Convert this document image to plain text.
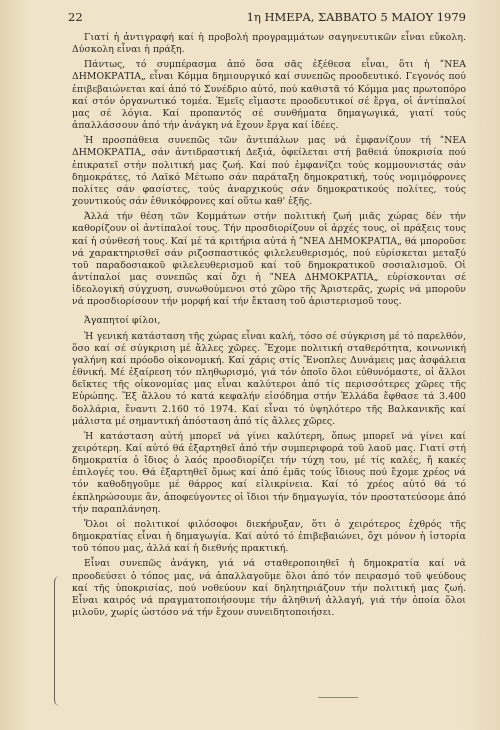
22	1η ΗΜΕΡΑ, ΣΑΒΒΑΤΟ 5 ΜΑΙΟΥ 1979

Γιατί ἡ ἀντιγραφή καί ἡ προβολή προγραμμάτων σαγηνευτικῶν εἶναι εὔκολη. Δύσκολη εἶναι ἡ πράξη.

Πάντως, τό συμπέρασμα ἀπό ὅσα σᾶς ἐξέθεσα εἶναι, ὅτι ἡ ʺΝΕΑ ΔΗΜΟΚΡΑΤΙΑ„ εἶναι Κόμμα δημιουργικό καί συνεπῶς προοδευτικό. Γεγονός πού ἐπιβεβαιώνεται καί ἀπό τό Συνέδριο αὐτό, πού καθιστᾶ τό Κόμμα μας πρωτοπόρο καί στόν ὀργανωτικό τομέα. Ἐμεῖς εἴμαστε προοδευτικοί σέ ἔργα, οἱ ἀντίπαλοί μας σέ λόγια. Καί προπαντός σέ συνθήματα δημαγωγικά, γιατί τούς ἀπαλλάσσουν ἀπό τήν ἀνάγκη νά ἔχουν ἔργα καί ἰδέες.

Ἡ προσπάθεια συνεπῶς τῶν ἀντιπάλων μας νά ἐμφανίζουν τή ʺΝΕΑ ΔΗΜΟΚΡΑΤΙΑ„ σάν ἀντιδραστική Δεξιά, ὀφείλεται στή βαθειά ὑποκρισία πού ἐπικρατεῖ στήν πολιτική μας ζωή. Καί πού ἐμφανίζει τούς κομμουνιστάς σάν δημοκράτες, τό Λαϊκό Μέτωπο σάν παράταξη δημοκρατική, τούς νομιμόφρονες πολίτες σάν φασίστες, τούς ἀναρχικούς σάν δημοκρατικούς πολίτες, τούς χουντικούς σάν ἐθνικόφρονες καί οὕτω καθ' ἑξῆς.

Ἀλλά τήν θέση τῶν Κομμάτων στήν πολιτική ζωή μιᾶς χώρας δέν τήν καθορίζουν οἱ ἀντίπαλοί τους. Τήν προσδιορίζουν οἱ ἀρχές τους, οἱ πράξεις τους καί ἡ σύνθεσή τους. Καί μέ τά κριτήρια αὐτά ἡ ʺΝΕΑ ΔΗΜΟΚΡΑΤΙΑ„ θά μποροῦσε νά χαρακτηρισθεῖ σάν ριζοσπαστικός φιλελευθερισμός, πού εὑρίσκεται μεταξύ τοῦ παραδοσιακοῦ φιλελευθερισμοῦ καί τοῦ δημοκρατικοῦ σοσιαλισμοῦ. Οἱ ἀντίπαλοί μας συνεπῶς καί ὄχι ἡ ʺΝΕΑ ΔΗΜΟΚΡΑΤΙΑ„ εὑρίσκονται σέ ἰδεολογική σύγχυση, συνωθούμενοι στό χῶρο τῆς Ἀριστερᾶς, χωρίς νά μποροῦν νά προσδιορίσουν τήν μορφή καί τήν ἔκταση τοῦ ἀριστερισμοῦ τους.

Ἀγαπητοί φίλοι,

Ἡ γενική κατάσταση τῆς χώρας εἶναι καλή, τόσο σέ σύγκριση μέ τό παρελθόν, ὅσο καί σέ σύγκριση μέ ἄλλες χῶρες. Ἔχομε πολιτική σταθερότητα, κοινωνική γαλήνη καί πρόοδο οἰκονομική. Καί χάρις στίς Ἔνοπλες Δυνάμεις μας ἀσφάλεια ἐθνική. Μέ ἐξαίρεση τόν πληθωρισμό, γιά τόν ὁποῖο ὅλοι εὐθυνόμαστε, οἱ ἄλλοι δεῖκτες τῆς οἰκονομίας μας εἶναι καλύτεροι ἀπό τίς περισσότερες χῶρες τῆς Εὐρώπης. Ἔξ ἄλλου τό κατά κεφαλήν εἰσόδημα στήν Ἑλλάδα ἔφθασε τά 3.400 δολλάρια, ἔναντι 2.160 τό 1974. Καί εἶναι τό ὑψηλότερο τῆς Βαλκανικῆς καί μάλιστα μέ σημαντική ἀπόσταση ἀπό τίς ἄλλες χῶρες.

Ἡ κατάσταση αὐτή μπορεῖ νά γίνει καλύτερη, ὅπως μπορεῖ νά γίνει καί χειρότερη. Καί αὐτό θά ἐξαρτηθεῖ ἀπό τήν συμπεριφορά τοῦ λαοῦ μας. Γιατί στή δημοκρατία ὁ ἴδιος ὁ λαός προσδιορίζει τήν τύχη του, μέ τίς καλές, ἤ κακές ἐπιλογές του. Θά ἐξαρτηθεῖ ὅμως καί ἀπό ἐμᾶς τούς ἴδιους πού ἔχομε χρέος νά τόν καθοδηγοῦμε μέ θάρρος καί εἰλικρίνεια. Καί τό χρέος αὐτό θά τό ἐκπληρώσουμε ἄν, ἀποφεύγοντες οἱ ἴδιοι τήν δημαγωγία, τόν προστατεύσομε ἀπό τήν παραπλάνηση.

Ὅλοι οἱ πολιτικοί φιλόσοφοι διεκήρυξαν, ὅτι ὁ χειρότερος ἐχθρός τῆς δημοκρατίας εἶναι ἡ δημαγωγία. Καί αὐτό τό ἐπιβεβαιώνει, ὄχι μόνον ἡ ἱστορία τοῦ τόπου μας, ἀλλά καί ἡ διεθνής πρακτική.

Εἶναι συνεπῶς ἀνάγκη, γιά νά σταθεροποιηθεῖ ἡ δημοκρατία καί νά προοδεύσει ὁ τόπος μας, νά ἀπαλλαγοῦμε ὅλοι ἀπό τόν πειρασμό τοῦ ψεύδους καί τῆς ὑποκρισίας, πού νοθεύουν καί δηλητηριάζουν τήν πολιτική μας ζωή. Εἶναι καιρός νά πραγματοποιήσουμε τήν ἀληθινή ἀλλαγή, γιά τήν ὁποία ὅλοι μιλοῦν, χωρίς ὡστόσο νά τήν ἔχουν συνειδητοποιήσει.
